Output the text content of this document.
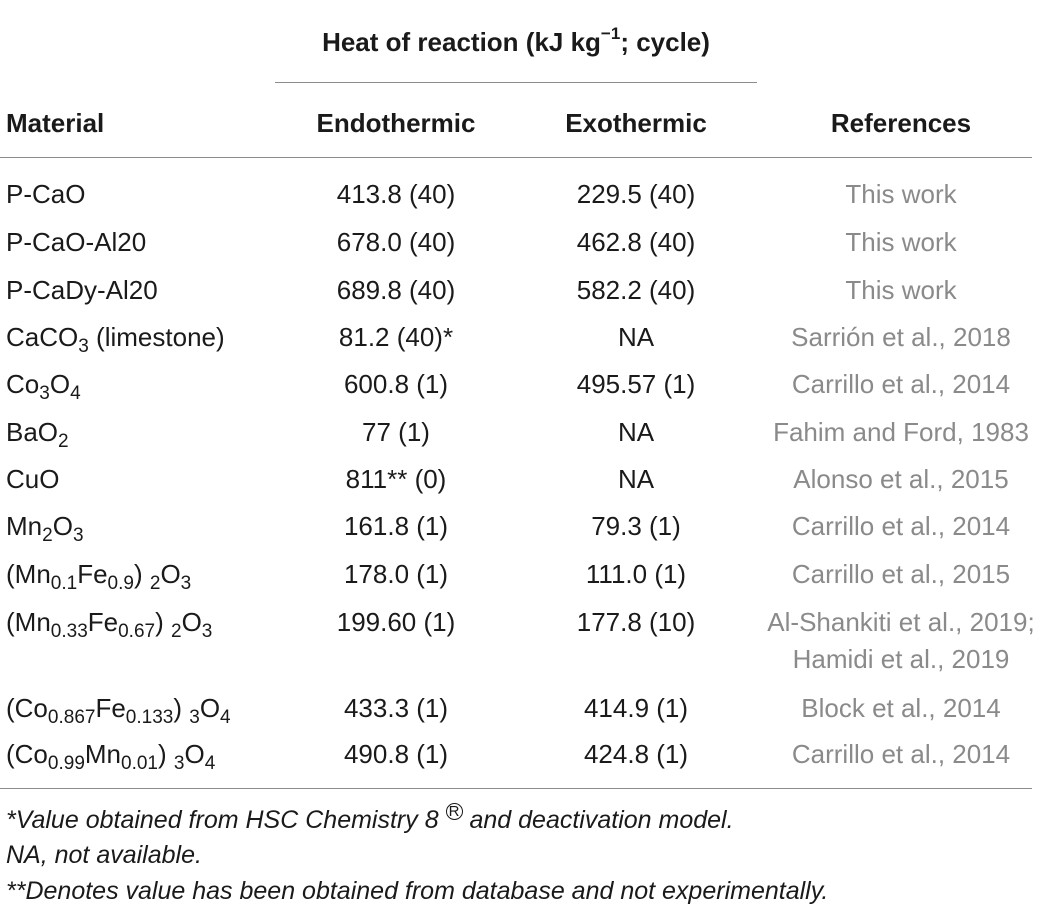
Heat of reaction (kJ $kg^{-1}$; cycle)
Material	Endothermic	Exothermic	References
P-CaO	413.8 (40)	229.5 (40)	This work
P-CaO-Al20	678.0 (40)	462.8 (40)	This work
P-CaDy-Al20	689.8 (40)	582.2 (40)	This work
CaCO$_3$ (limestone)	81.2 (40)*	NA	Sarrión et al., 2018
$Co_3O_4$	600.8 (1)	495.57 (1)	Carrillo et al., 2014
BaO$_2$	77 (1)	NA	Fahim and Ford, 1983
CuO	811** (0)	NA	Alonso et al., 2015
$Mn_2O_3$	161.8 (1)	79.3 (1)	Carrillo et al., 2014
$(Mn_{0.1}Fe_{0.9})$ $_2O_3$	178.0 (1)	111.0 (1)	Carrillo et al., 2015
$(Mn_{0.33}Fe_{0.67})$ $_2O_3$	199.60 (1)	177.8 (10)	Al-Shankiti et al., 2019;
Hamidi et al., 2019
$(Co_{0.867}Fe_{0.133})$ $_3O_4$	433.3 (1)	414.9 (1)	Block et al., 2014
$(Co_{0.99}Mn_{0.01})$ $_3O_4$	490.8 (1)	424.8 (1)	Carrillo et al., 2014
*Value obtained from HSC Chemistry 8 R and deactivation model.
NA, not available.
**Denotes value has been obtained from database and not experimentally.
